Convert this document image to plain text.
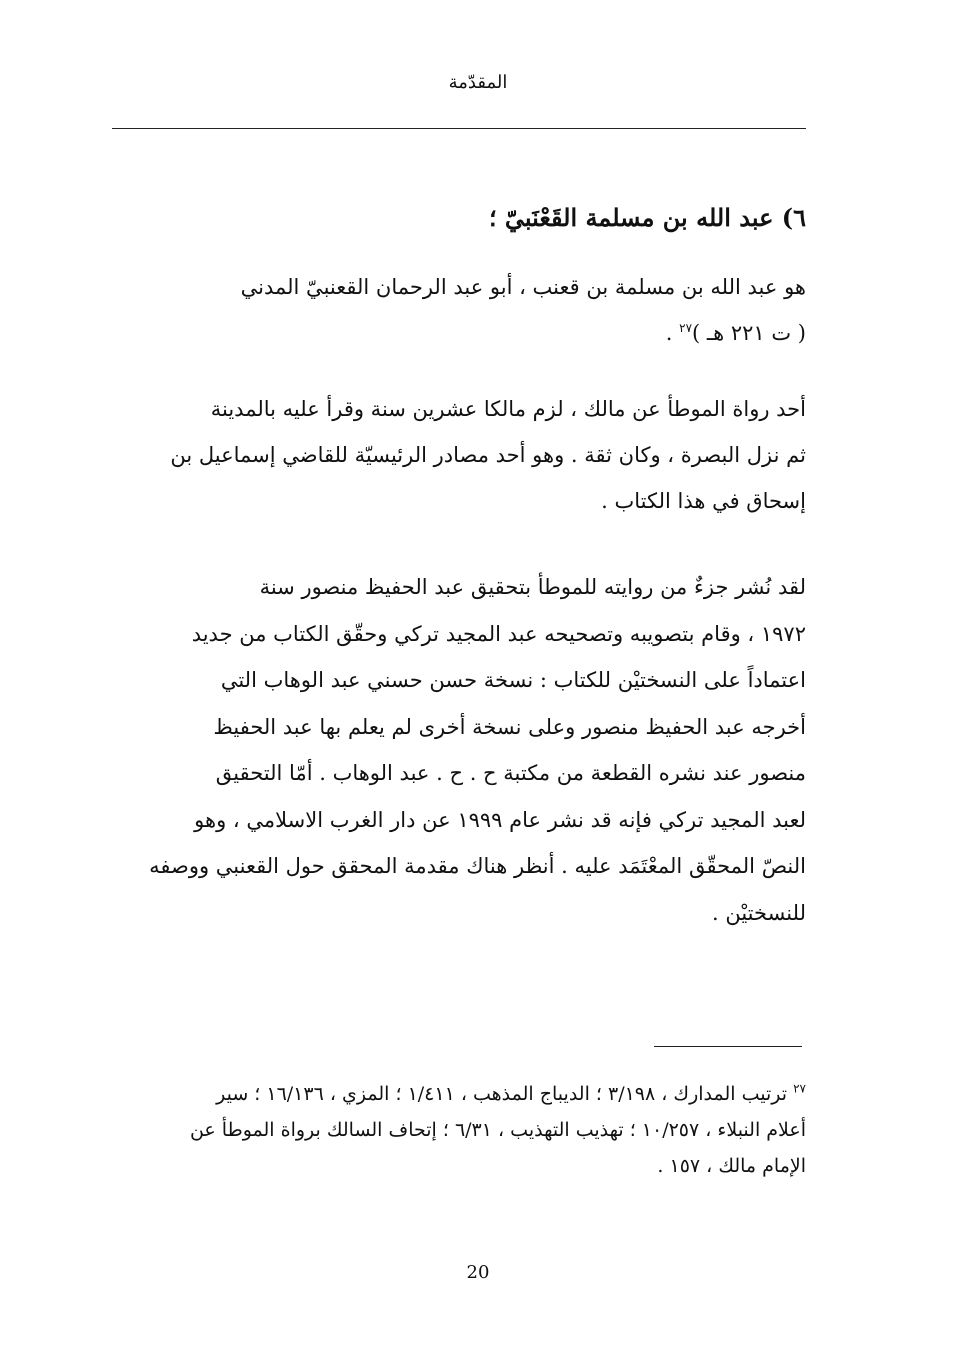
المقدّمة
٦) عبد الله بن مسلمة القَعْنَبيّ ؛
هو عبد الله بن مسلمة بن قعنب ، أبو عبد الرحمان القعنبيّ المدني
( ت ٢٢١ هـ )$^{٢٧}$ .
أحد رواة الموطأ عن مالك ، لزم مالكا عشرين سنة وقرأ عليه بالمدينة
ثم نزل البصرة ، وكان ثقة . وهو أحد مصادر الرئيسيّة للقاضي إسماعيل بن
إسحاق في هذا الكتاب .
لقد نُشر جزءٌ من روايته للموطأ بتحقيق عبد الحفيظ منصور سنة
١٩٧٢ ، وقام بتصويبه وتصحيحه عبد المجيد تركي وحقّق الكتاب من جديد
اعتماداً على النسختيْن للكتاب : نسخة حسن حسني عبد الوهاب التي
أخرجه عبد الحفيظ منصور وعلى نسخة أخرى لم يعلم بها عبد الحفيظ
منصور عند نشره القطعة من مكتبة ح . ح . عبد الوهاب . أمّا التحقيق
لعبد المجيد تركي فإنه قد نشر عام ١٩٩٩ عن دار الغرب الاسلامي ، وهو
النصّ المحقّق المعْتَمَد عليه . أنظر هناك مقدمة المحقق حول القعنبي ووصفه
للنسختيْن .
$^{٢٧}$ ترتيب المدارك ، ٣/١٩٨ ؛ الديباج المذهب ، ١/٤١١ ؛ المزي ، ١٦/١٣٦ ؛ سير
أعلام النبلاء ، ١٠/٢٥٧ ؛ تهذيب التهذيب ، ٦/٣١ ؛ إتحاف السالك برواة الموطأ عن
الإمام مالك ، ١٥٧ .
20
